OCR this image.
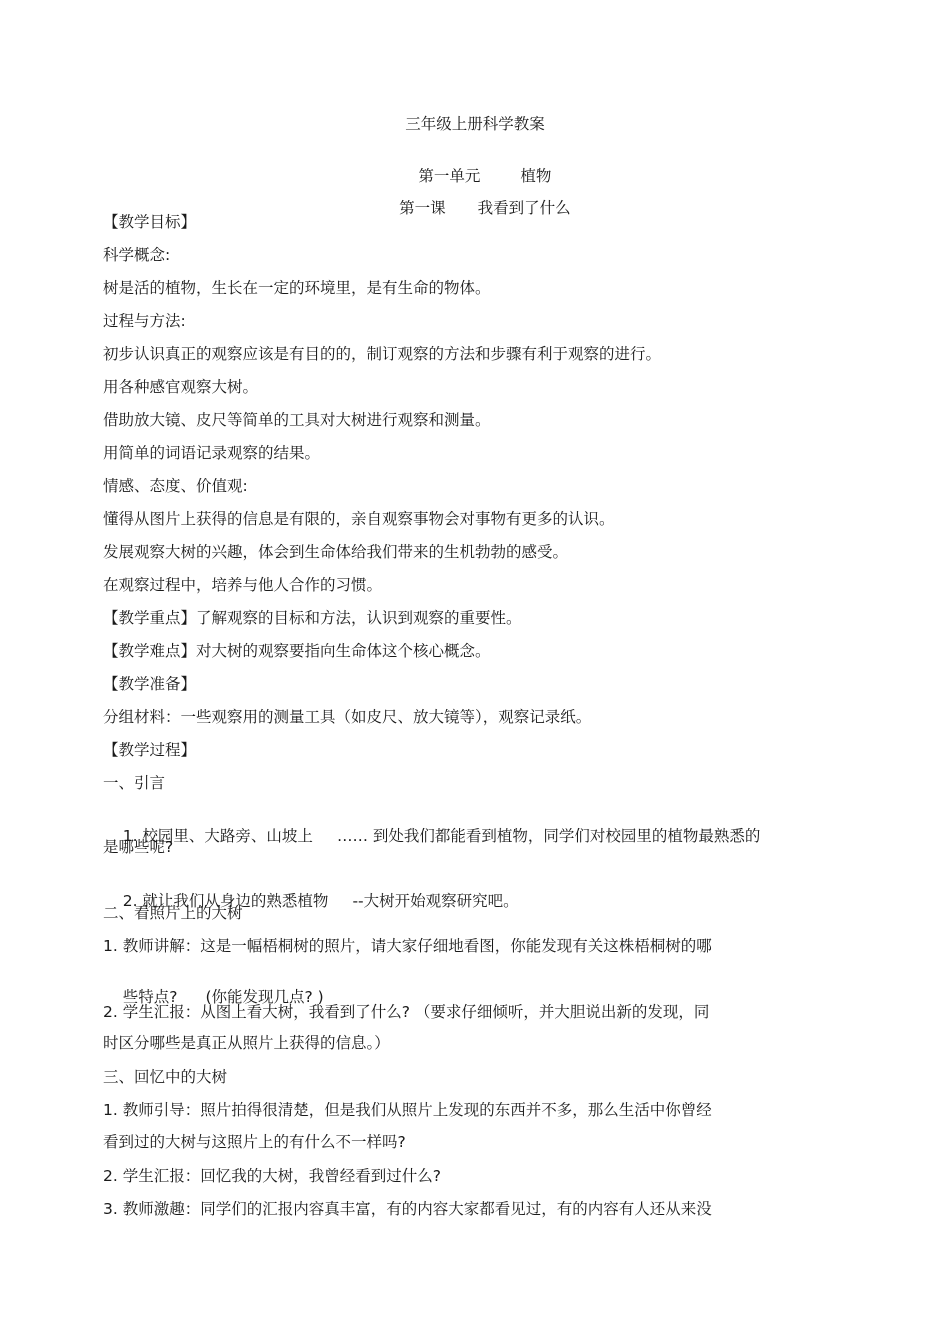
三年级上册科学教案

第一单元	植物

第一课 我看到了什么

【教学目标】
科学概念:
树是活的植物，生长在一定的环境里，是有生命的物体。
过程与方法:
初步认识真正的观察应该是有目的的，制订观察的方法和步骤有利于观察的进行。
用各种感官观察大树。
借助放大镜、皮尺等简单的工具对大树进行观察和测量。
用简单的词语记录观察的结果。
情感、态度、价值观:
懂得从图片上获得的信息是有限的，亲自观察事物会对事物有更多的认识。
发展观察大树的兴趣，体会到生命体给我们带来的生机勃勃的感受。
在观察过程中，培养与他人合作的习惯。
【教学重点】了解观察的目标和方法，认识到观察的重要性。
【教学难点】对大树的观察要指向生命体这个核心概念。
【教学准备】
分组材料：一些观察用的测量工具（如皮尺、放大镜等），观察记录纸。
【教学过程】
一、引言

1. 校园里、大路旁、山坡上 …… 到处我们都能看到植物，同学们对校园里的植物最熟悉的

是哪些呢?

2. 就让我们从身边的熟悉植物 --大树开始观察研究吧。

二、看照片上的大树
1. 教师讲解：这是一幅梧桐树的照片，请大家仔细地看图，你能发现有关这株梧桐树的哪

些特点? (你能发现几点? )

2. 学生汇报：从图上看大树，我看到了什么? （要求仔细倾听，并大胆说出新的发现，同
时区分哪些是真正从照片上获得的信息。）
三、回忆中的大树
1. 教师引导：照片拍得很清楚，但是我们从照片上发现的东西并不多，那么生活中你曾经
看到过的大树与这照片上的有什么不一样吗?
2. 学生汇报：回忆我的大树，我曾经看到过什么?
3. 教师激趣：同学们的汇报内容真丰富，有的内容大家都看见过，有的内容有人还从来没
